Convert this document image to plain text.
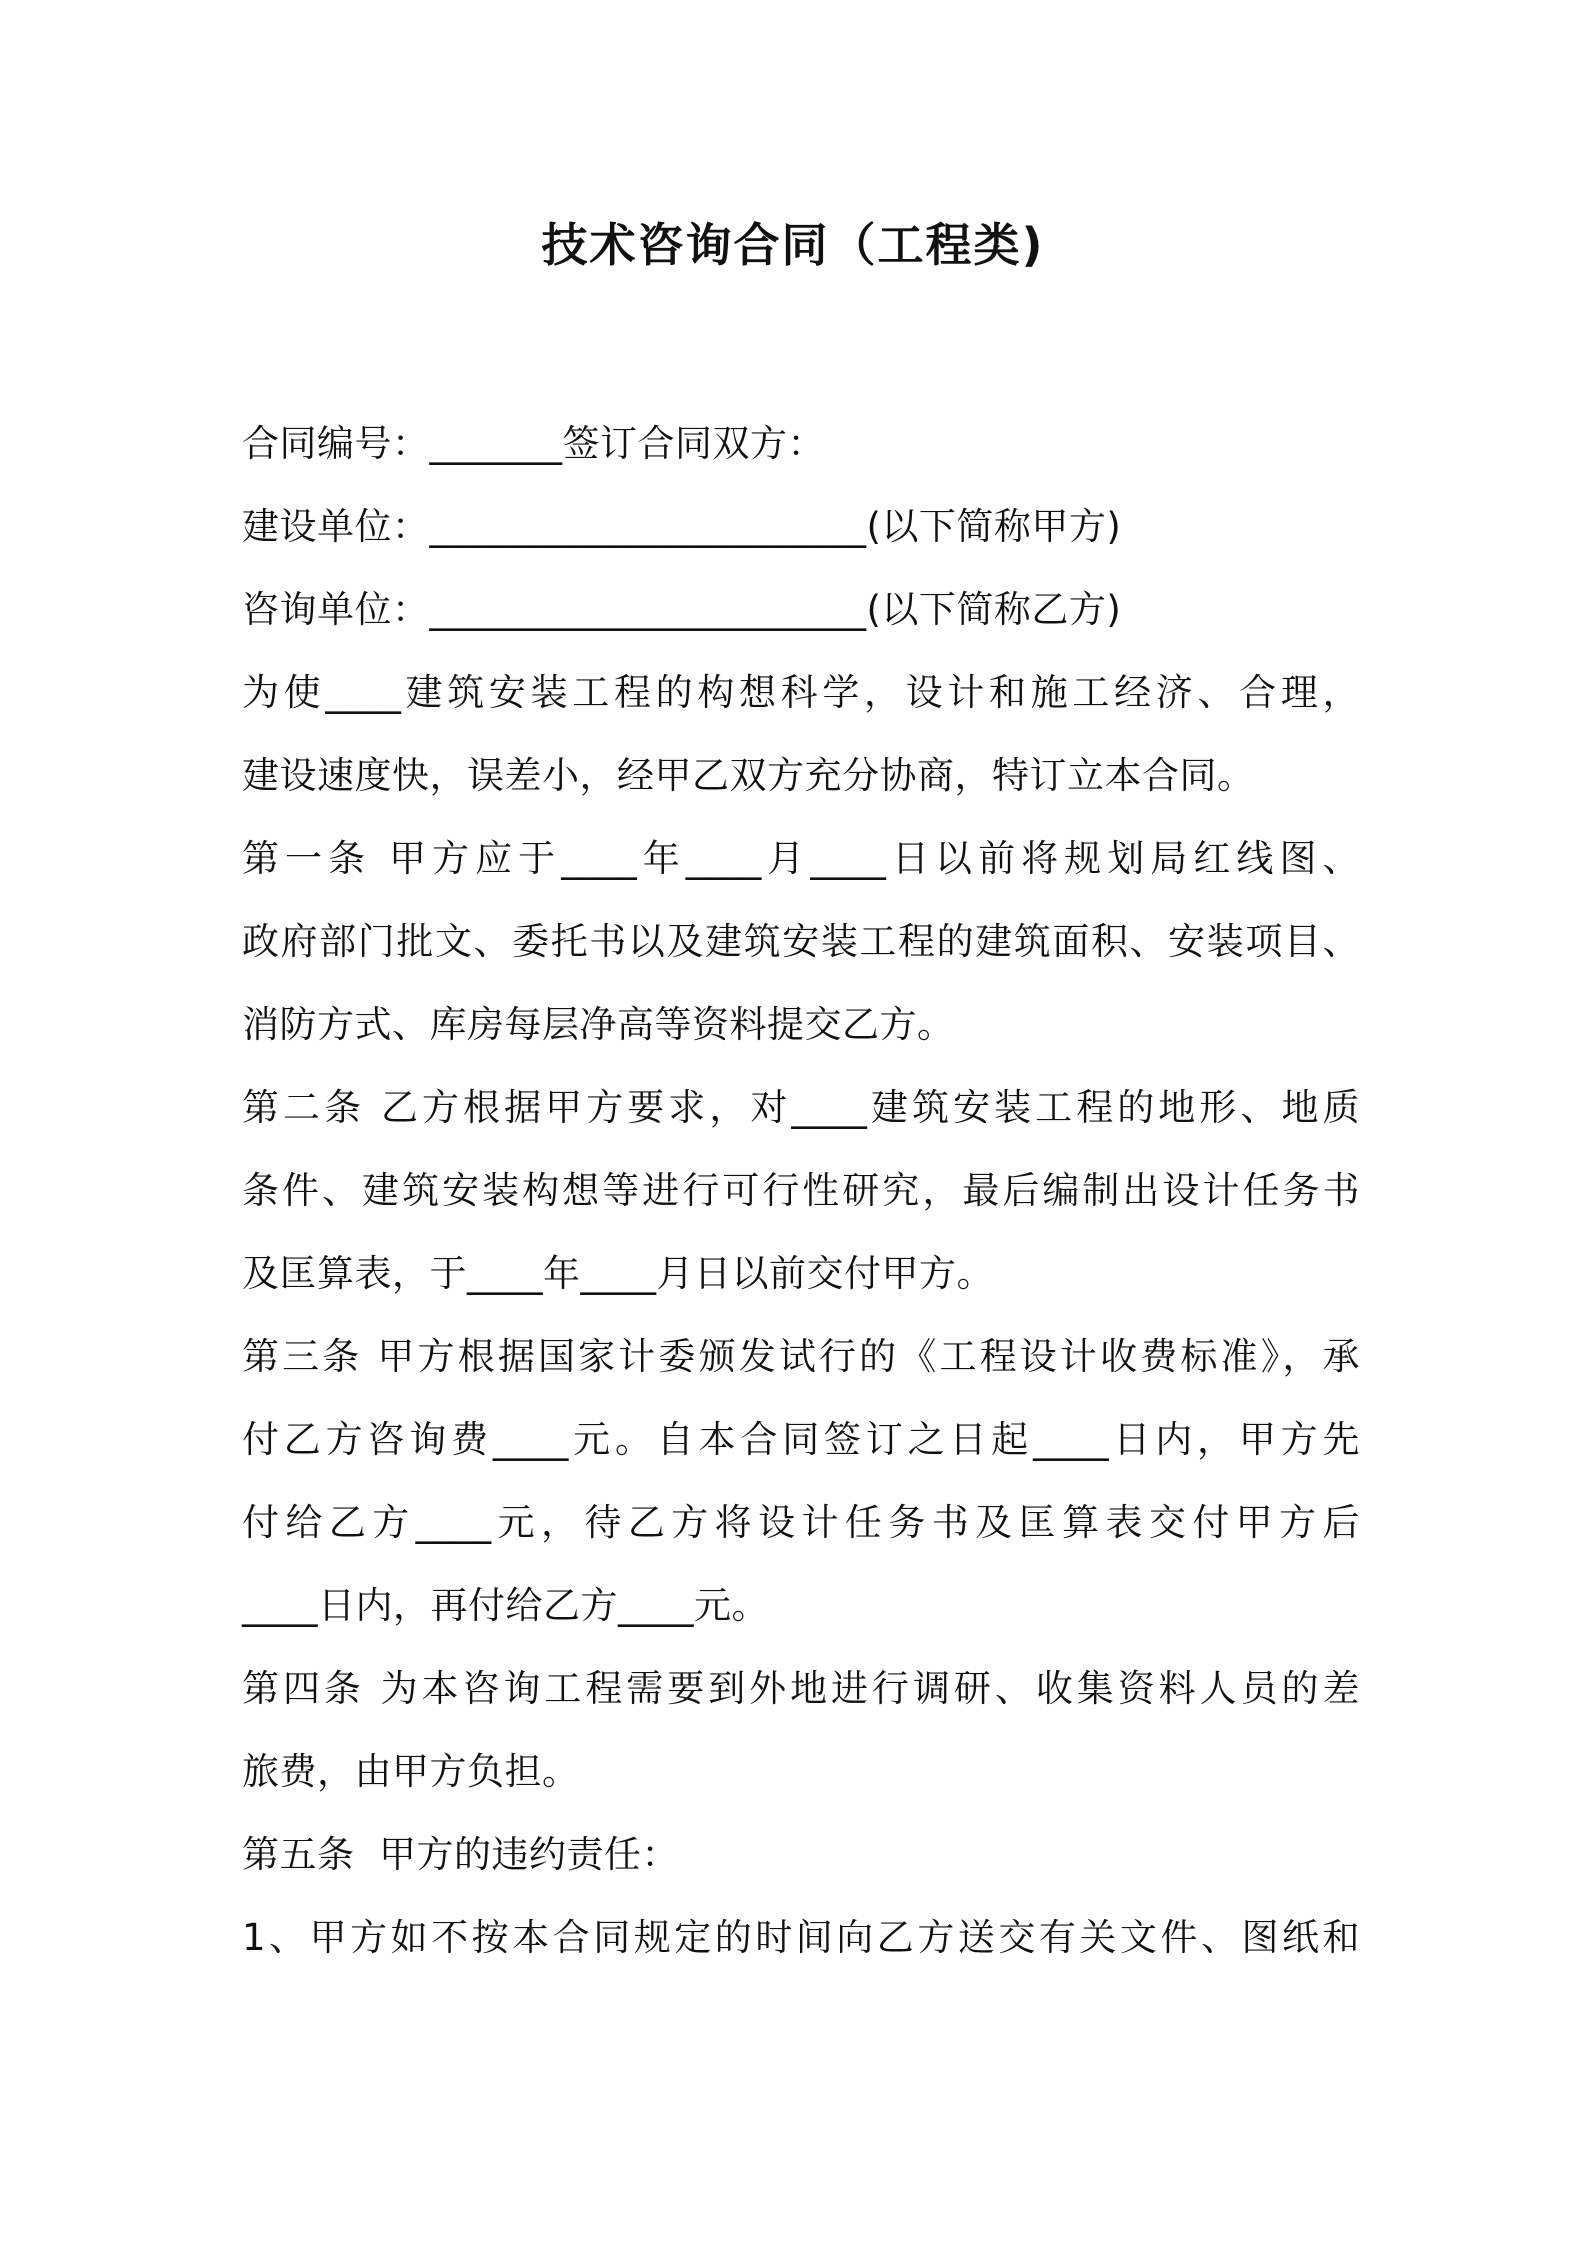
技术咨询合同（工程类)
合同编号：_______签订合同双方：
建设单位：_______________________(以下简称甲方)
咨询单位：_______________________(以下简称乙方)
为使____建筑安装工程的构想科学，设计和施工经济、合理，
建设速度快，误差小，经甲乙双方充分协商，特订立本合同。
第一条 甲方应于____年____月____日以前将规划局红线图、
政府部门批文、委托书以及建筑安装工程的建筑面积、安装项目、
消防方式、库房每层净高等资料提交乙方。
第二条 乙方根据甲方要求，对____建筑安装工程的地形、地质
条件、建筑安装构想等进行可行性研究，最后编制出设计任务书
及匡算表，于____年____月日以前交付甲方。
第三条 甲方根据国家计委颁发试行的《工程设计收费标准》，承
付乙方咨询费____元。自本合同签订之日起____日内，甲方先
付给乙方____元，待乙方将设计任务书及匡算表交付甲方后
____日内，再付给乙方____元。
第四条 为本咨询工程需要到外地进行调研、收集资料人员的差
旅费，由甲方负担。
第五条  甲方的违约责任：
1、甲方如不按本合同规定的时间向乙方送交有关文件、图纸和
